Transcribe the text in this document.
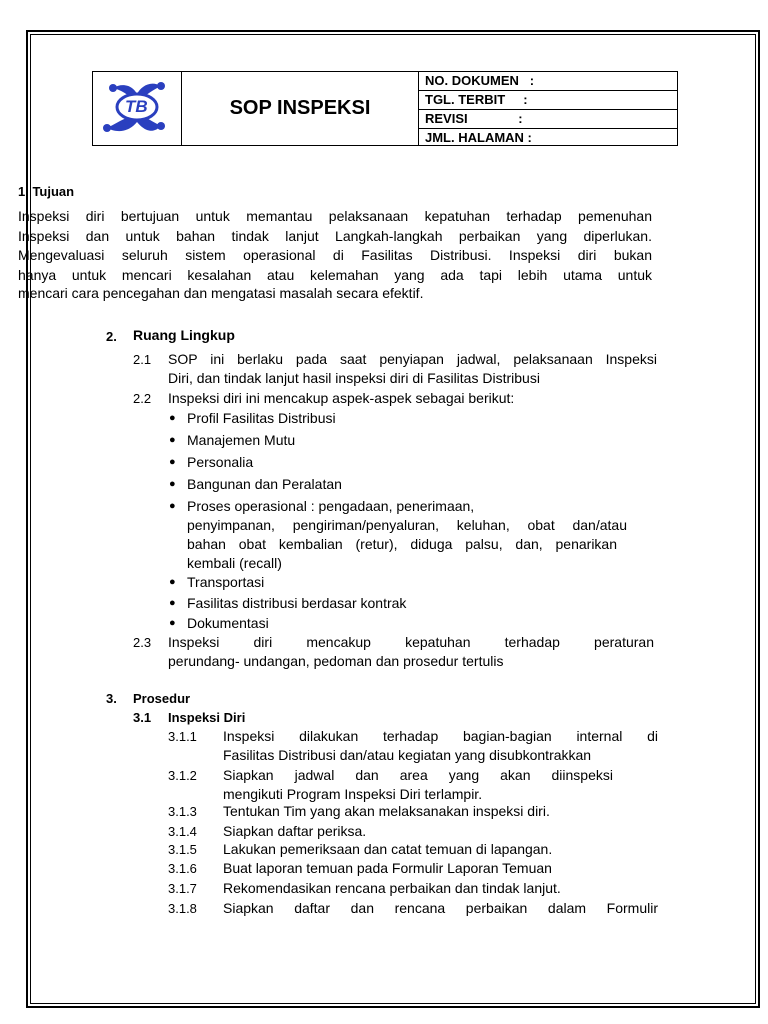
TB	SOP INSPEKSI
NO. DOKUMEN   :
TGL. TERBIT     :
REVISI              :
JML. HALAMAN :
1. Tujuan
Inspeksi diri bertujuan untuk memantau pelaksanaan kepatuhan terhadap pemenuhan
Inspeksi dan untuk bahan tindak lanjut Langkah-langkah perbaikan yang diperlukan.
Mengevaluasi seluruh sistem operasional di Fasilitas Distribusi. Inspeksi diri bukan
hanya untuk mencari kesalahan atau kelemahan yang ada tapi lebih utama untuk
mencari cara pencegahan dan mengatasi masalah secara efektif.
2. Ruang Lingkup
2.1 SOP ini berlaku pada saat penyiapan jadwal, pelaksanaan Inspeksi
Diri, dan tindak lanjut hasil inspeksi diri di Fasilitas Distribusi
2.2 Inspeksi diri ini mencakup aspek-aspek sebagai berikut:
● Profil Fasilitas Distribusi
● Manajemen Mutu
● Personalia
● Bangunan dan Peralatan
● Proses operasional : pengadaan, penerimaan,
penyimpanan, pengiriman/penyaluran, keluhan, obat dan/atau
bahan obat kembalian (retur), diduga palsu, dan, penarikan
kembali (recall)
● Transportasi
● Fasilitas distribusi berdasar kontrak
● Dokumentasi
2.3 Inspeksi diri mencakup kepatuhan terhadap peraturan
perundang- undangan, pedoman dan prosedur tertulis
3. Prosedur
3.1 Inspeksi Diri
3.1.1 Inspeksi dilakukan terhadap bagian-bagian internal di
Fasilitas Distribusi dan/atau kegiatan yang disubkontrakkan
3.1.2 Siapkan jadwal dan area yang akan diinspeksi
mengikuti Program Inspeksi Diri terlampir.
3.1.3 Tentukan Tim yang akan melaksanakan inspeksi diri.
3.1.4 Siapkan daftar periksa.
3.1.5 Lakukan pemeriksaan dan catat temuan di lapangan.
3.1.6 Buat laporan temuan pada Formulir Laporan Temuan
3.1.7 Rekomendasikan rencana perbaikan dan tindak lanjut.
3.1.8 Siapkan daftar dan rencana perbaikan dalam Formulir
